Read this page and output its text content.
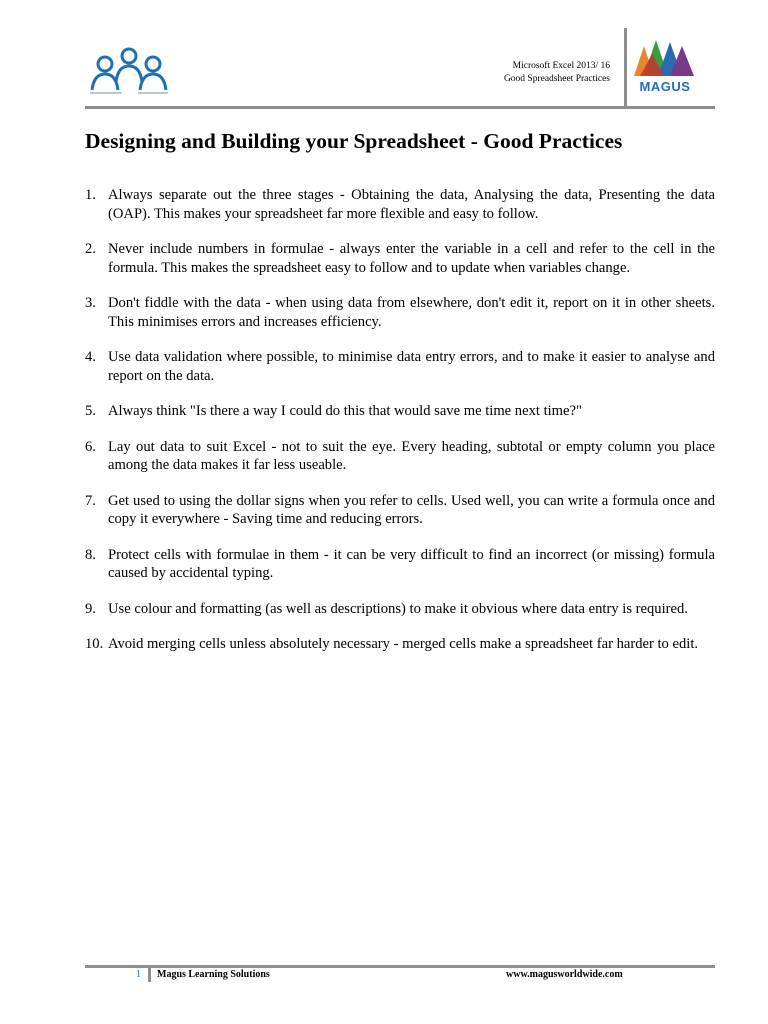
Microsoft Excel 2013/ 16
Good Spreadsheet Practices	MAGUS
Designing and Building your Spreadsheet - Good Practices
1. Always separate out the three stages - Obtaining the data, Analysing the data, Presenting the data (OAP). This makes your spreadsheet far more flexible and easy to follow.
2. Never include numbers in formulae - always enter the variable in a cell and refer to the cell in the formula. This makes the spreadsheet easy to follow and to update when variables change.
3. Don't fiddle with the data - when using data from elsewhere, don't edit it, report on it in other sheets. This minimises errors and increases efficiency.
4. Use data validation where possible, to minimise data entry errors, and to make it easier to analyse and report on the data.
5. Always think "Is there a way I could do this that would save me time next time?"
6. Lay out data to suit Excel - not to suit the eye. Every heading, subtotal or empty column you place among the data makes it far less useable.
7. Get used to using the dollar signs when you refer to cells. Used well, you can write a formula once and copy it everywhere - Saving time and reducing errors.
8. Protect cells with formulae in them - it can be very difficult to find an incorrect (or missing) formula caused by accidental typing.
9. Use colour and formatting (as well as descriptions) to make it obvious where data entry is required.
10. Avoid merging cells unless absolutely necessary - merged cells make a spreadsheet far harder to edit.
1 Magus Learning Solutions	www.magusworldwide.com
